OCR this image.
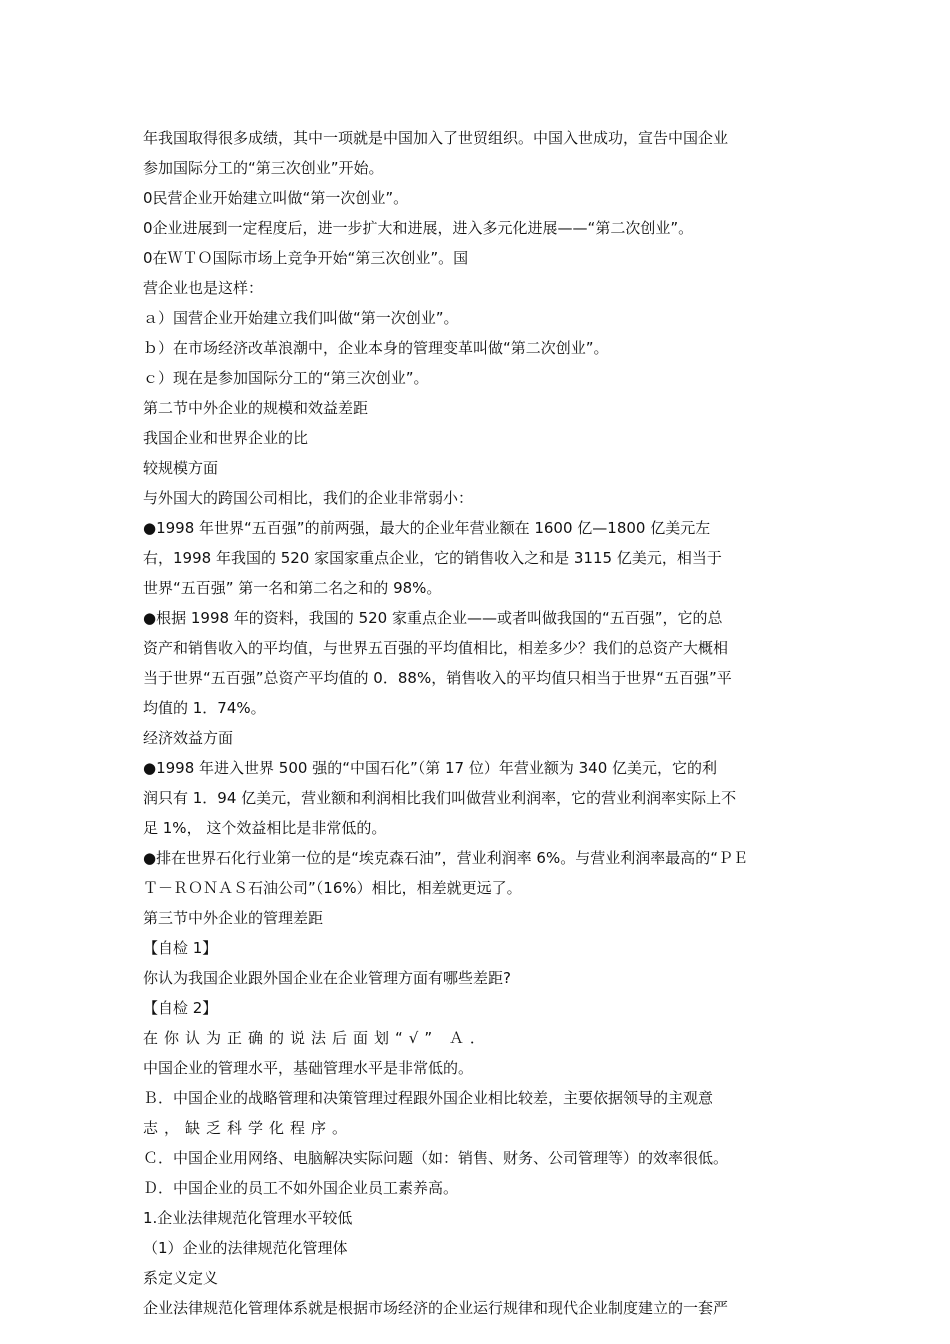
年我国取得很多成绩，其中一项就是中国加入了世贸组织。中国入世成功，宣告中国企业
参加国际分工的“第三次创业”开始。
0民营企业开始建立叫做“第一次创业”。
0企业进展到一定程度后，进一步扩大和进展，进入多元化进展——“第二次创业”。
0在ＷＴＯ国际市场上竞争开始“第三次创业”。国
营企业也是这样：
ａ）国营企业开始建立我们叫做“第一次创业”。
ｂ）在市场经济改革浪潮中，企业本身的管理变革叫做“第二次创业”。
ｃ）现在是参加国际分工的“第三次创业”。
第二节中外企业的规模和效益差距
我国企业和世界企业的比
较规模方面
与外国大的跨国公司相比，我们的企业非常弱小：
●1998 年世界“五百强”的前两强，最大的企业年营业额在 1600 亿—1800 亿美元左
右，1998 年我国的 520 家国家重点企业，它的销售收入之和是 3115 亿美元，相当于
世界“五百强” 第一名和第二名之和的 98%。
●根据 1998 年的资料，我国的 520 家重点企业——或者叫做我国的“五百强”，它的总
资产和销售收入的平均值，与世界五百强的平均值相比，相差多少？我们的总资产大概相
当于世界“五百强”总资产平均值的 0．88%，销售收入的平均值只相当于世界“五百强”平
均值的 1．74%。
经济效益方面
●1998 年进入世界 500 强的“中国石化”（第 17 位）年营业额为 340 亿美元，它的利
润只有 1．94 亿美元，营业额和利润相比我们叫做营业利润率，它的营业利润率实际上不
足 1%， 这个效益相比是非常低的。
●排在世界石化行业第一位的是“埃克森石油”，营业利润率 6%。与营业利润率最高的“ＰＥ
Ｔ－ＲＯＮＡＳ石油公司”（16%）相比，相差就更远了。
第三节中外企业的管理差距
【自检 1】
你认为我国企业跟外国企业在企业管理方面有哪些差距?
【自检 2】
在你认为正确的说法后面划“√” Ａ．
中国企业的管理水平，基础管理水平是非常低的。
Ｂ．中国企业的战略管理和决策管理过程跟外国企业相比较差，主要依据领导的主观意
志，缺乏科学化程序。
Ｃ．中国企业用网络、电脑解决实际问题（如：销售、财务、公司管理等）的效率很低。
Ｄ．中国企业的员工不如外国企业员工素养高。
1.企业法律规范化管理水平较低
（1）企业的法律规范化管理体
系定义定义
企业法律规范化管理体系就是根据市场经济的企业运行规律和现代企业制度建立的一套严
